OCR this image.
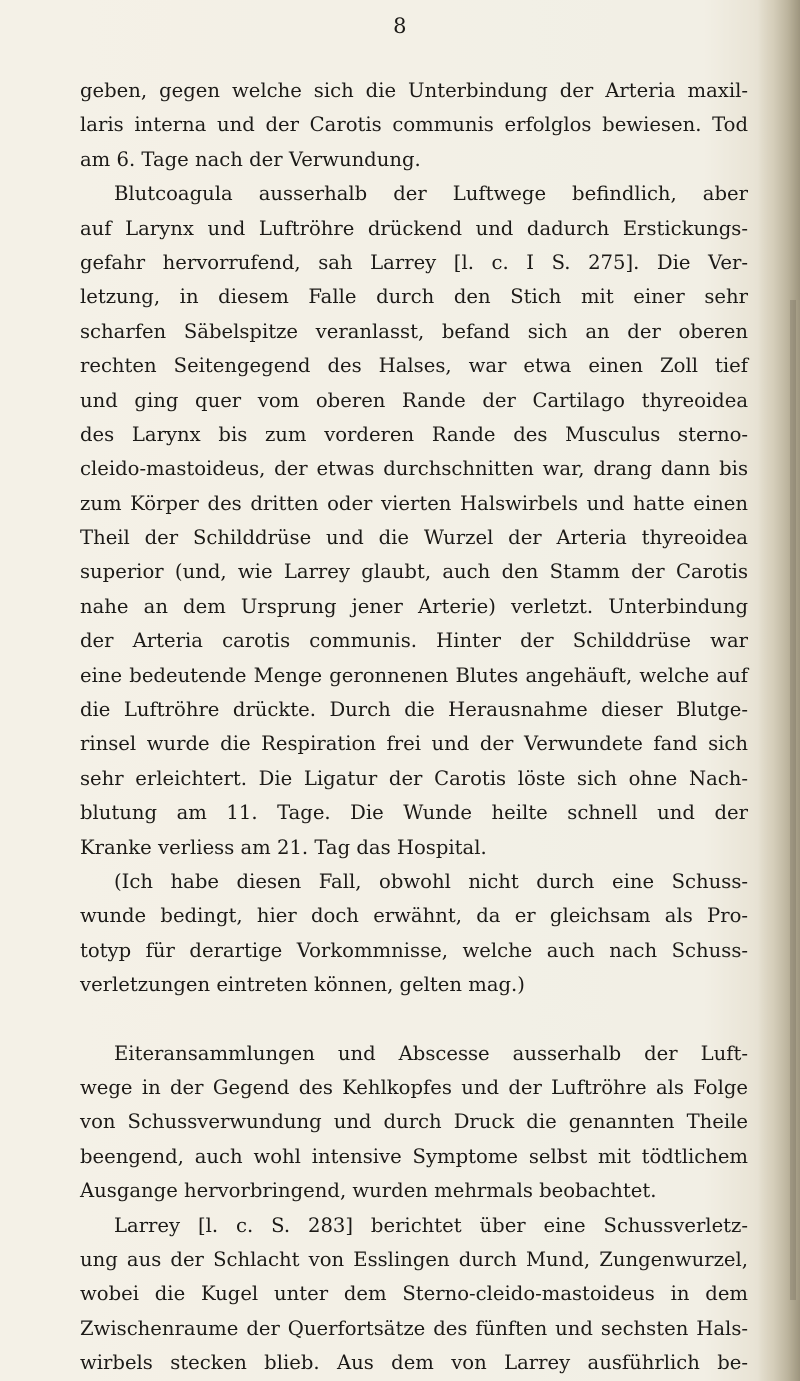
8
geben, gegen welche sich die Unterbindung der Arteria maxil-
laris interna und der Carotis communis erfolglos bewiesen. Tod
am 6. Tage nach der Verwundung.
Blutcoagula ausserhalb der Luftwege befindlich, aber
auf Larynx und Luftröhre drückend und dadurch Erstickungs-
gefahr hervorrufend, sah Larrey [l. c. I S. 275]. Die Ver-
letzung, in diesem Falle durch den Stich mit einer sehr
scharfen Säbelspitze veranlasst, befand sich an der oberen
rechten Seitengegend des Halses, war etwa einen Zoll tief
und ging quer vom oberen Rande der Cartilago thyreoidea
des Larynx bis zum vorderen Rande des Musculus sterno-
cleido-mastoideus, der etwas durchschnitten war, drang dann bis
zum Körper des dritten oder vierten Halswirbels und hatte einen
Theil der Schilddrüse und die Wurzel der Arteria thyreoidea
superior (und, wie Larrey glaubt, auch den Stamm der Carotis
nahe an dem Ursprung jener Arterie) verletzt. Unterbindung
der Arteria carotis communis. Hinter der Schilddrüse war
eine bedeutende Menge geronnenen Blutes angehäuft, welche auf
die Luftröhre drückte. Durch die Herausnahme dieser Blutge-
rinsel wurde die Respiration frei und der Verwundete fand sich
sehr erleichtert. Die Ligatur der Carotis löste sich ohne Nach-
blutung am 11. Tage. Die Wunde heilte schnell und der
Kranke verliess am 21. Tag das Hospital.
(Ich habe diesen Fall, obwohl nicht durch eine Schuss-
wunde bedingt, hier doch erwähnt, da er gleichsam als Pro-
totyp für derartige Vorkommnisse, welche auch nach Schuss-
verletzungen eintreten können, gelten mag.)
Eiteransammlungen und Abscesse ausserhalb der Luft-
wege in der Gegend des Kehlkopfes und der Luftröhre als Folge
von Schussverwundung und durch Druck die genannten Theile
beengend, auch wohl intensive Symptome selbst mit tödtlichem
Ausgange hervorbringend, wurden mehrmals beobachtet.
Larrey [l. c. S. 283] berichtet über eine Schussverletz-
ung aus der Schlacht von Esslingen durch Mund, Zungenwurzel,
wobei die Kugel unter dem Sterno-cleido-mastoideus in dem
Zwischenraume der Querfortsätze des fünften und sechsten Hals-
wirbels stecken blieb. Aus dem von Larrey ausführlich be-
